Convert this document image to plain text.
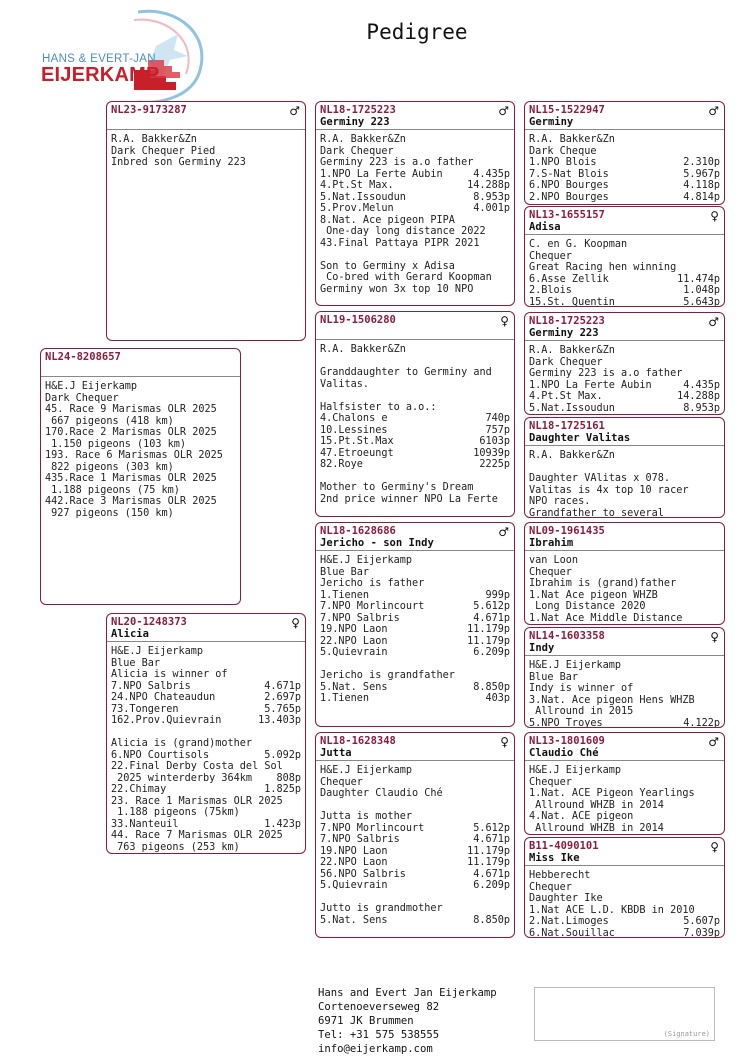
Pedigree
HANS & EVERT-JAN
EIJERKAMP
NL24-8208657
H&E.J Eijerkamp
Dark Chequer
45. Race 9 Marismas OLR 2025
667 pigeons (418 km)
170.Race 2 Marismas OLR 2025
1.150 pigeons (103 km)
193. Race 6 Marismas OLR 2025
822 pigeons (303 km)
435.Race 1 Marismas OLR 2025
1.188 pigeons (75 km)
442.Race 3 Marismas OLR 2025
927 pigeons (150 km)
NL23-9173287	♂
R.A. Bakker&Zn
Dark Chequer Pied
Inbred son Germiny 223
NL20-1248373
Alicia
♀
H&E.J Eijerkamp
Blue Bar
Alicia is winner of
7.NPO Salbris	4.671p
24.NPO Chateaudun	2.697p
73.Tongeren	5.765p
162.Prov.Quievrain	13.403p
Alicia is (grand)mother
6.NPO Courtisols	5.092p
22.Final Derby Costa del Sol
2025 winterderby 364km 808p
22.Chimay	1.825p
23. Race 1 Marismas OLR 2025
1.188 pigeons (75km)
33.Nanteuil	1.423p
44. Race 7 Marismas OLR 2025
763 pigeons (253 km)
NL18-1725223
Germiny 223
♂
R.A. Bakker&Zn
Dark Chequer
Germiny 223 is a.o father
1.NPO La Ferte Aubin	4.435p
4.Pt.St Max.	14.288p
5.Nat.Issoudun	8.953p
5.Prov.Melun	4.001p
8.Nat. Ace pigeon PIPA
One-day long distance 2022
43.Final Pattaya PIPR 2021
Son to Germiny x Adisa
Co-bred with Gerard Koopman
Germiny won 3x top 10 NPO
NL19-1506280	♀
R.A. Bakker&Zn
Granddaughter to Germiny and
Valitas.
Halfsister to a.o.:
4.Chalons e	740p
10.Lessines	757p
15.Pt.St.Max	6103p
47.Etroeungt	10939p
82.Roye	2225p
Mother to Germiny's Dream
2nd price winner NPO La Ferte
NL18-1628686
Jericho - son Indy
♂
H&E.J Eijerkamp
Blue Bar
Jericho is father
1.Tienen	999p
7.NPO Morlincourt	5.612p
7.NPO Salbris	4.671p
19.NPO Laon	11.179p
22.NPO Laon	11.179p
5.Quievrain	6.209p
Jericho is grandfather
5.Nat. Sens	8.850p
1.Tienen	403p
NL18-1628348
Jutta
♀
H&E.J Eijerkamp
Chequer
Daughter Claudio Ché
Jutta is mother
7.NPO Morlincourt	5.612p
7.NPO Salbris	4.671p
19.NPO Laon	11.179p
22.NPO Laon	11.179p
56.NPO Salbris	4.671p
5.Quievrain	6.209p
Jutto is grandmother
5.Nat. Sens	8.850p
NL15-1522947
Germiny
♂
R.A. Bakker&Zn
Dark Cheque
1.NPO Blois	2.310p
7.S-Nat Blois	5.967p
6.NPO Bourges	4.118p
2.NPO Bourges	4.814p
NL13-1655157
Adisa
♀
C. en G. Koopman
Chequer
Great Racing hen winning
6.Asse Zellik	11.474p
2.Blois	1.048p
15.St. Quentin	5.643p
NL18-1725223
Germiny 223
♂
R.A. Bakker&Zn
Dark Chequer
Germiny 223 is a.o father
1.NPO La Ferte Aubin	4.435p
4.Pt.St Max.	14.288p
5.Nat.Issoudun	8.953p
NL18-1725161
Daughter Valitas
R.A. Bakker&Zn
Daughter VAlitas x 078.
Valitas is 4x top 10 racer
NPO races.
Grandfather to several
NL09-1961435
Ibrahim
van Loon
Chequer
Ibrahim is (grand)father
1.Nat Ace pigeon WHZB
Long Distance 2020
1.Nat Ace Middle Distance
NL14-1603358
Indy
♀
H&E.J Eijerkamp
Blue Bar
Indy is winner of
3.Nat. Ace pigeon Hens WHZB
Allround in 2015
5.NPO Troyes	4.122p
NL13-1801609
Claudio Ché
♂
H&E.J Eijerkamp
Chequer
1.Nat. ACE Pigeon Yearlings
Allround WHZB in 2014
4.Nat. ACE pigeon
Allround WHZB in 2014
B11-4090101
Miss Ike
♀
Hebberecht
Chequer
Daughter Ike
1.Nat ACE L.D. KBDB in 2010
2.Nat.Limoges	5.607p
6.Nat.Souillac	7.039p
Hans and Evert Jan Eijerkamp
Cortenoeverseweg 82
6971 JK Brummen
Tel: +31 575 538555
info@eijerkamp.com
(Signature)
